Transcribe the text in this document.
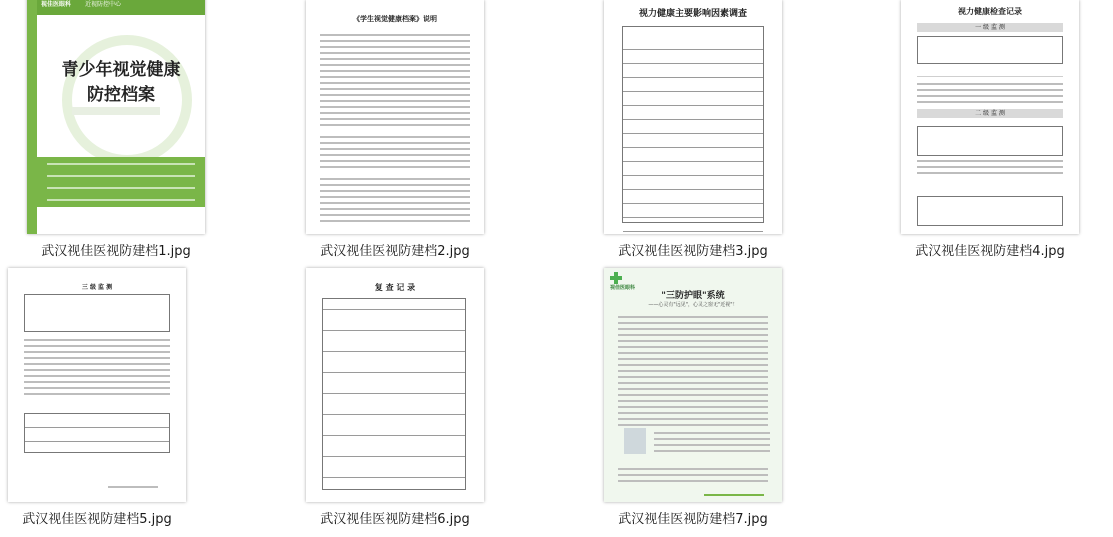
视佳医眼科 近视防控中心
青少年视觉健康
防控档案
武汉视佳医视防建档1.jpg
《学生视觉健康档案》说明
武汉视佳医视防建档2.jpg
视力健康主要影响因素调查
武汉视佳医视防建档3.jpg
视力健康检查记录
一 级 监 测
二 级 监 测
武汉视佳医视防建档4.jpg
三 级 监 测
武汉视佳医视防建档5.jpg
复 查 记 录
武汉视佳医视防建档6.jpg
视佳医眼科
"三防护眼"系统
——心灵有"远见"，心灵之窗无"近视"！
武汉视佳医视防建档7.jpg
